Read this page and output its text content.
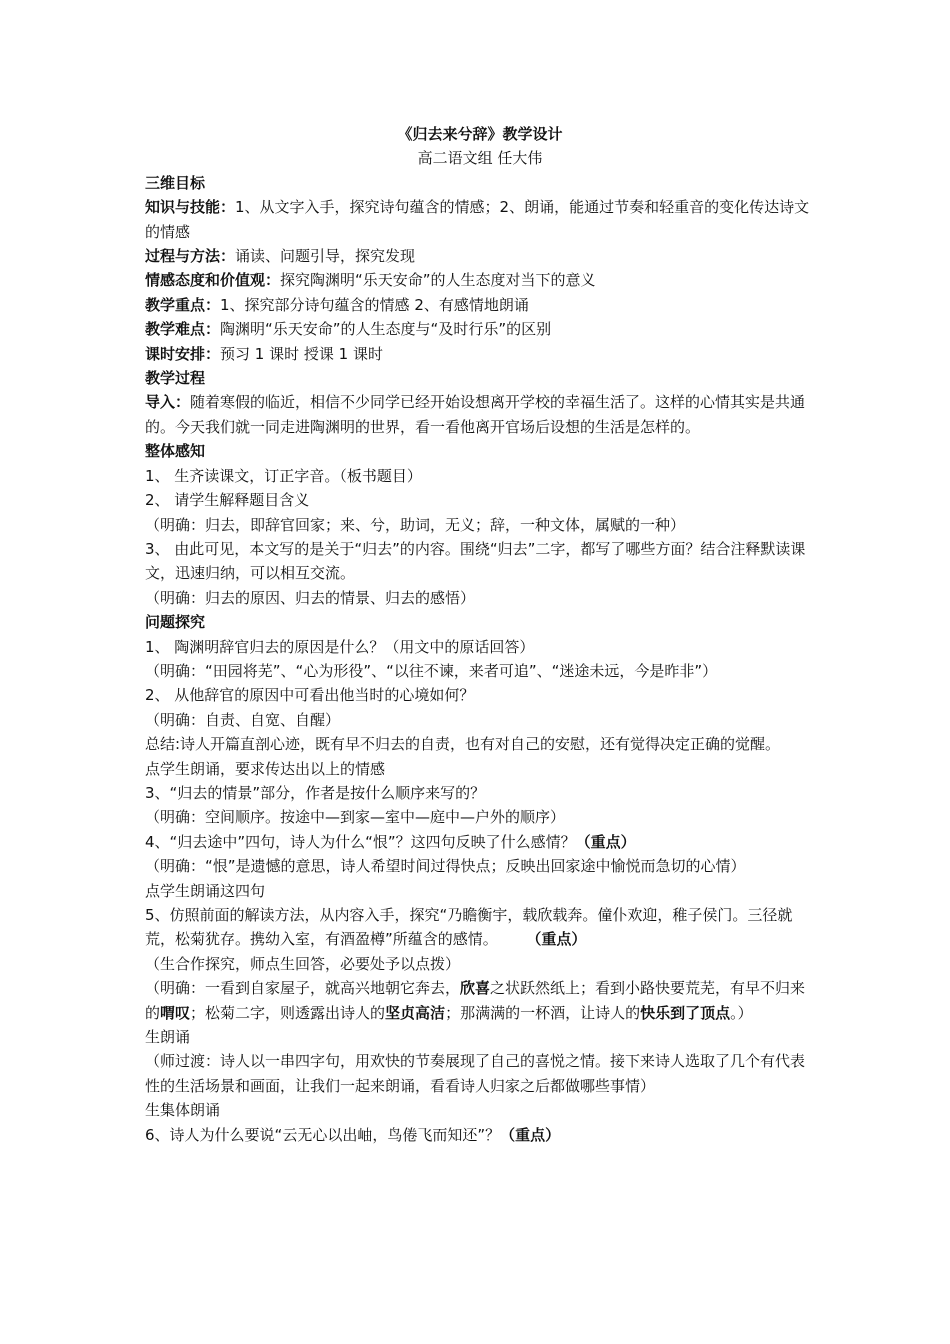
《归去来兮辞》教学设计
高二语文组 任大伟
三维目标
知识与技能：1、从文字入手，探究诗句蕴含的情感；2、朗诵，能通过节奏和轻重音的变化传达诗文的情感
过程与方法：诵读、问题引导，探究发现
情感态度和价值观：探究陶渊明“乐天安命”的人生态度对当下的意义
教学重点：1、探究部分诗句蕴含的情感 2、有感情地朗诵
教学难点：陶渊明“乐天安命”的人生态度与“及时行乐”的区别
课时安排：预习 1 课时 授课 1 课时
教学过程
导入：随着寒假的临近，相信不少同学已经开始设想离开学校的幸福生活了。这样的心情其实是共通的。今天我们就一同走进陶渊明的世界，看一看他离开官场后设想的生活是怎样的。
整体感知
1、 生齐读课文，订正字音。（板书题目）
2、 请学生解释题目含义
（明确：归去，即辞官回家；来、兮，助词，无义；辞，一种文体，属赋的一种）
3、 由此可见，本文写的是关于“归去”的内容。围绕“归去”二字，都写了哪些方面？结合注释默读课文，迅速归纳，可以相互交流。
（明确：归去的原因、归去的情景、归去的感悟）
问题探究
1、 陶渊明辞官归去的原因是什么？（用文中的原话回答）
（明确：“田园将芜”、“心为形役”、“以往不谏，来者可追”、“迷途未远，今是昨非”）
2、 从他辞官的原因中可看出他当时的心境如何？
（明确：自责、自宽、自醒）
总结:诗人开篇直剖心迹，既有早不归去的自责，也有对自己的安慰，还有觉得决定正确的觉醒。
点学生朗诵，要求传达出以上的情感
3、“归去的情景”部分，作者是按什么顺序来写的？
（明确：空间顺序。按途中—到家—室中—庭中—户外的顺序）
4、“归去途中”四句，诗人为什么“恨”？这四句反映了什么感情？（重点）
（明确：“恨”是遗憾的意思，诗人希望时间过得快点；反映出回家途中愉悦而急切的心情）
点学生朗诵这四句
5、仿照前面的解读方法，从内容入手，探究“乃瞻衡宇，载欣载奔。僮仆欢迎，稚子侯门。三径就荒，松菊犹存。携幼入室，有酒盈樽”所蕴含的感情。 （重点）
（生合作探究，师点生回答，必要处予以点拨）
（明确：一看到自家屋子，就高兴地朝它奔去，欣喜之状跃然纸上；看到小路快要荒芜，有早不归来的喟叹；松菊二字，则透露出诗人的坚贞高洁；那满满的一杯酒，让诗人的快乐到了顶点。）
生朗诵
（师过渡：诗人以一串四字句，用欢快的节奏展现了自己的喜悦之情。接下来诗人选取了几个有代表性的生活场景和画面，让我们一起来朗诵，看看诗人归家之后都做哪些事情）
生集体朗诵
6、诗人为什么要说“云无心以出岫，鸟倦飞而知还”？（重点）
